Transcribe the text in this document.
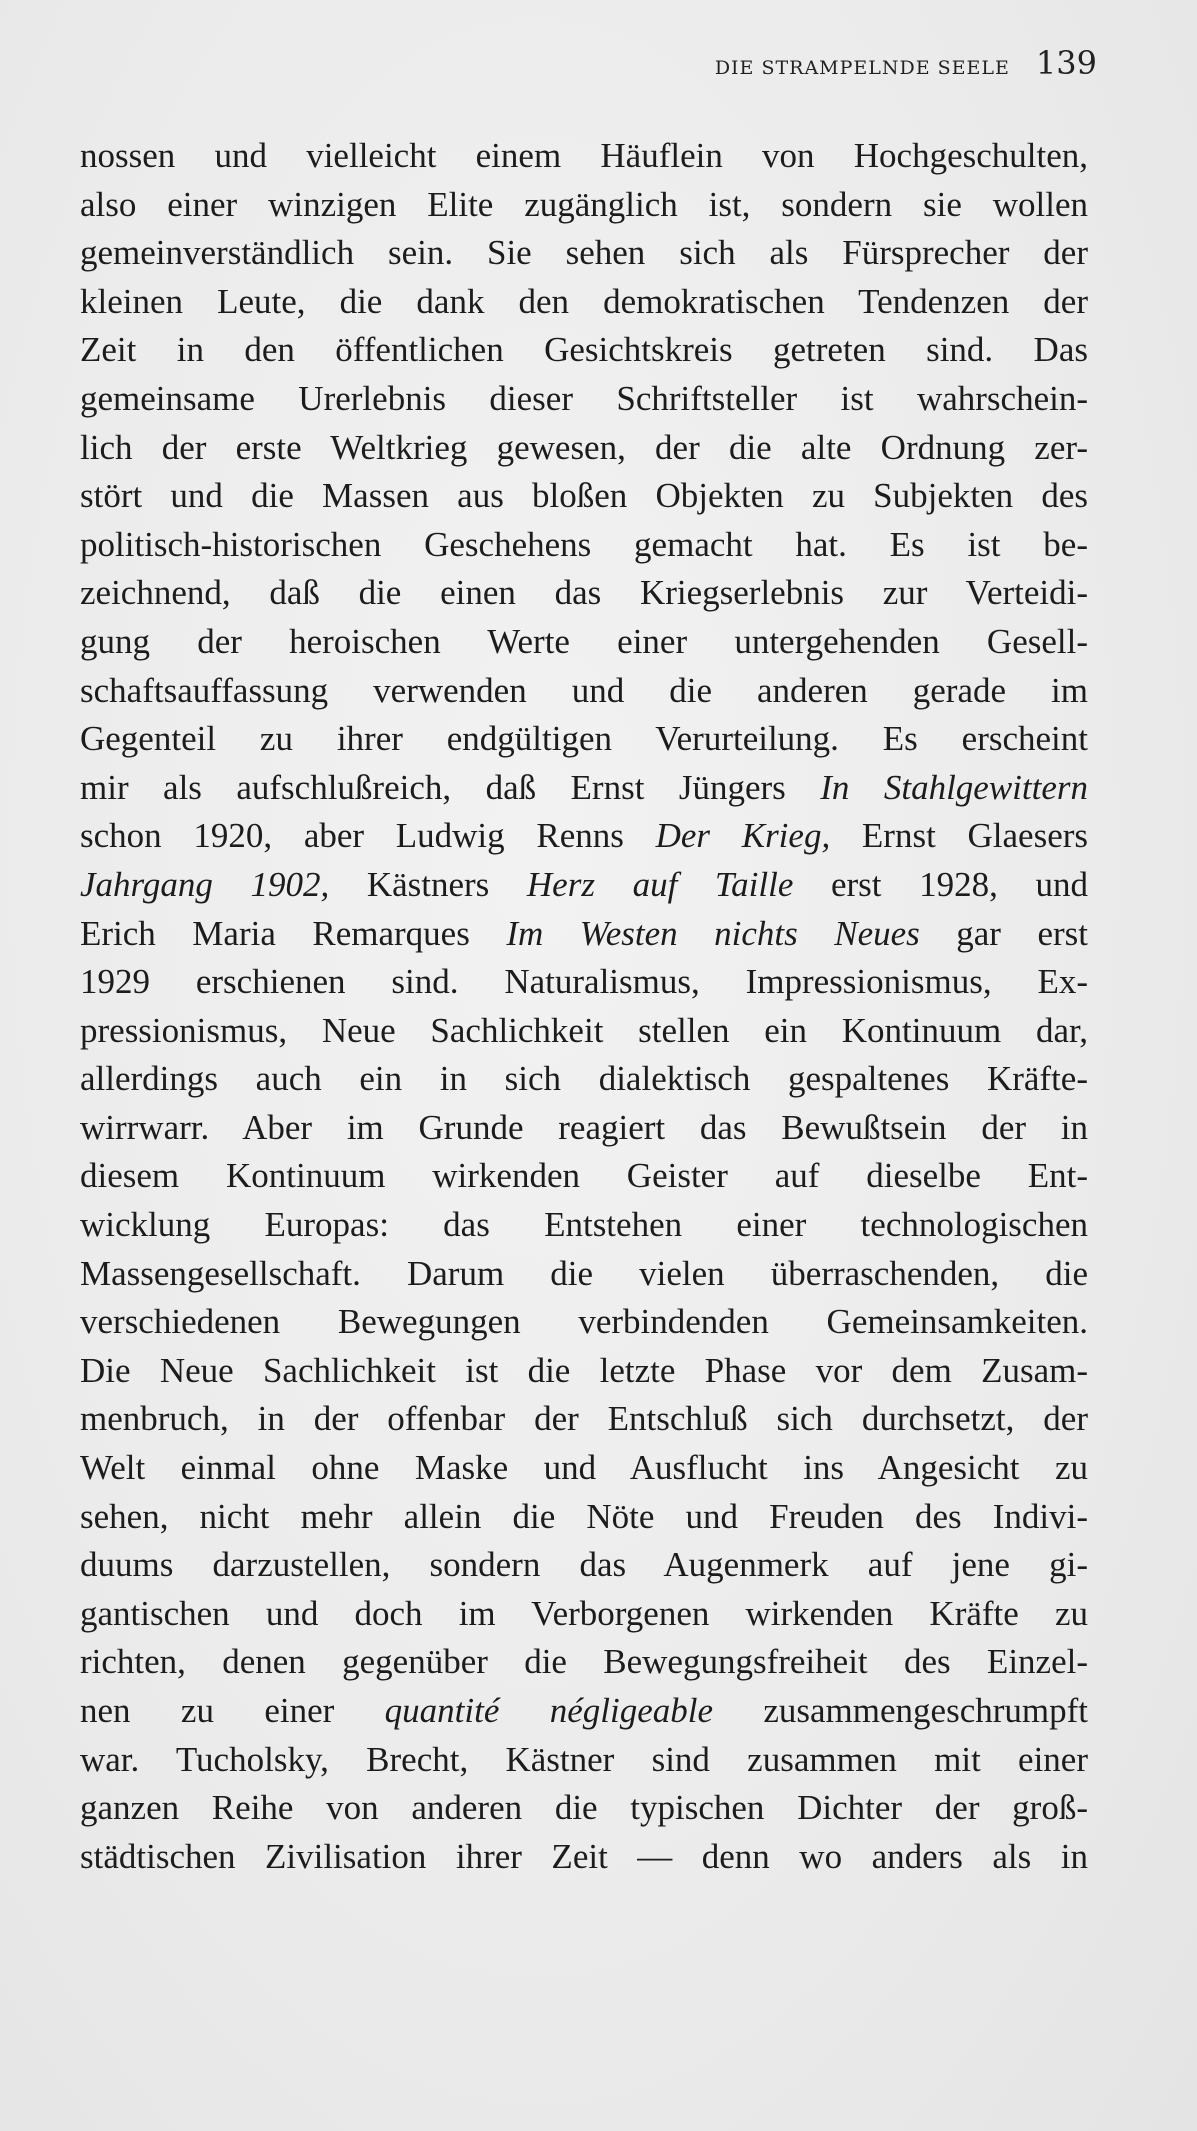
DIE STRAMPELNDE SEELE 139
nossen und vielleicht einem Häuflein von Hochgeschulten,
also einer winzigen Elite zugänglich ist, sondern sie wollen
gemeinverständlich sein. Sie sehen sich als Fürsprecher der
kleinen Leute, die dank den demokratischen Tendenzen der
Zeit in den öffentlichen Gesichtskreis getreten sind. Das
gemeinsame Urerlebnis dieser Schriftsteller ist wahrschein-
lich der erste Weltkrieg gewesen, der die alte Ordnung zer-
stört und die Massen aus bloßen Objekten zu Subjekten des
politisch-historischen Geschehens gemacht hat. Es ist be-
zeichnend, daß die einen das Kriegserlebnis zur Verteidi-
gung der heroischen Werte einer untergehenden Gesell-
schaftsauffassung verwenden und die anderen gerade im
Gegenteil zu ihrer endgültigen Verurteilung. Es erscheint
mir als aufschlußreich, daß Ernst Jüngers In Stahlgewittern
schon 1920, aber Ludwig Renns Der Krieg, Ernst Glaesers
Jahrgang 1902, Kästners Herz auf Taille erst 1928, und
Erich Maria Remarques Im Westen nichts Neues gar erst
1929 erschienen sind. Naturalismus, Impressionismus, Ex-
pressionismus, Neue Sachlichkeit stellen ein Kontinuum dar,
allerdings auch ein in sich dialektisch gespaltenes Kräfte-
wirrwarr. Aber im Grunde reagiert das Bewußtsein der in
diesem Kontinuum wirkenden Geister auf dieselbe Ent-
wicklung Europas: das Entstehen einer technologischen
Massengesellschaft. Darum die vielen überraschenden, die
verschiedenen Bewegungen verbindenden Gemeinsamkeiten.
Die Neue Sachlichkeit ist die letzte Phase vor dem Zusam-
menbruch, in der offenbar der Entschluß sich durchsetzt, der
Welt einmal ohne Maske und Ausflucht ins Angesicht zu
sehen, nicht mehr allein die Nöte und Freuden des Indivi-
duums darzustellen, sondern das Augenmerk auf jene gi-
gantischen und doch im Verborgenen wirkenden Kräfte zu
richten, denen gegenüber die Bewegungsfreiheit des Einzel-
nen zu einer quantité négligeable zusammengeschrumpft
war. Tucholsky, Brecht, Kästner sind zusammen mit einer
ganzen Reihe von anderen die typischen Dichter der groß-
städtischen Zivilisation ihrer Zeit — denn wo anders als in
